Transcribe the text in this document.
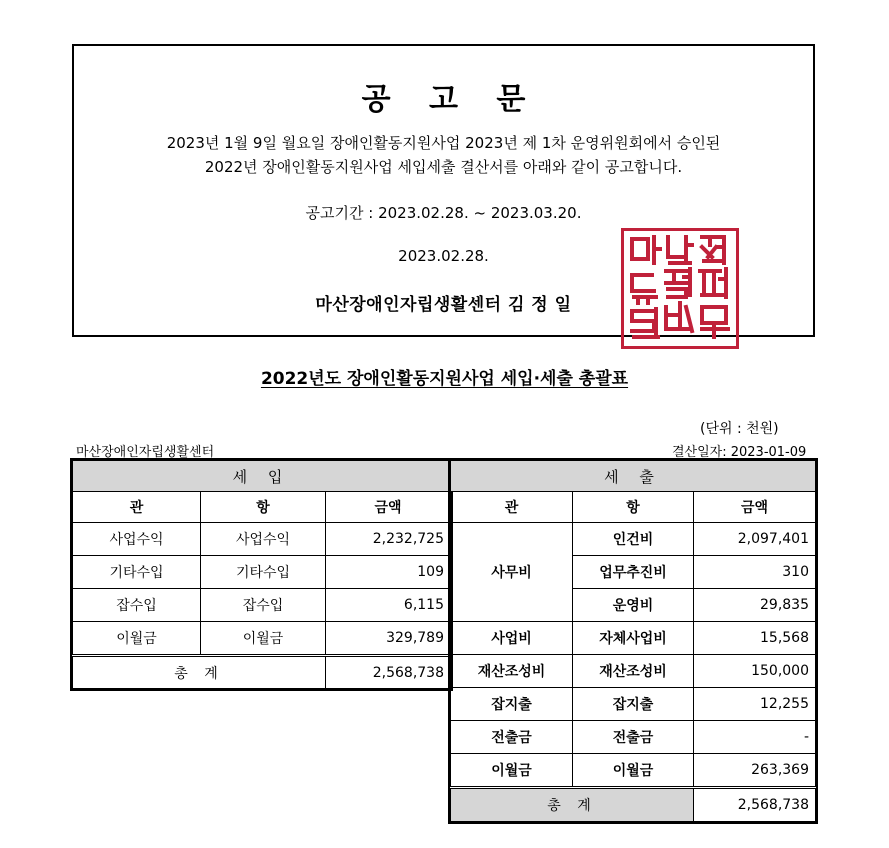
공 고 문
2023년 1월 9일 월요일 장애인활동지원사업 2023년 제 1차 운영위원회에서 승인된
2022년 장애인활동지원사업 세입세출 결산서를 아래와 같이 공고합니다.
공고기간 : 2023.02.28. ~ 2023.03.20.
2023.02.28.
마산장애인자립생활센터 김 정 일
2022년도 장애인활동지원사업 세입·세출 총괄표
(단위 : 천원)
마산장애인자립생활센터	결산일자: 2023-01-09
세 입		
관	항	금액
사업수익	사업수익	2,232,725
기타수입	기타수입	109
잡수입	잡수입	6,115
이월금	이월금	329,789
총 계		2,568,738
세 출		
관	항	금액
사무비	인건비	2,097,401
	업무추진비	310
	운영비	29,835
사업비	자체사업비	15,568
재산조성비	재산조성비	150,000
잡지출	잡지출	12,255
전출금	전출금	-
이월금	이월금	263,369
총 계		2,568,738
